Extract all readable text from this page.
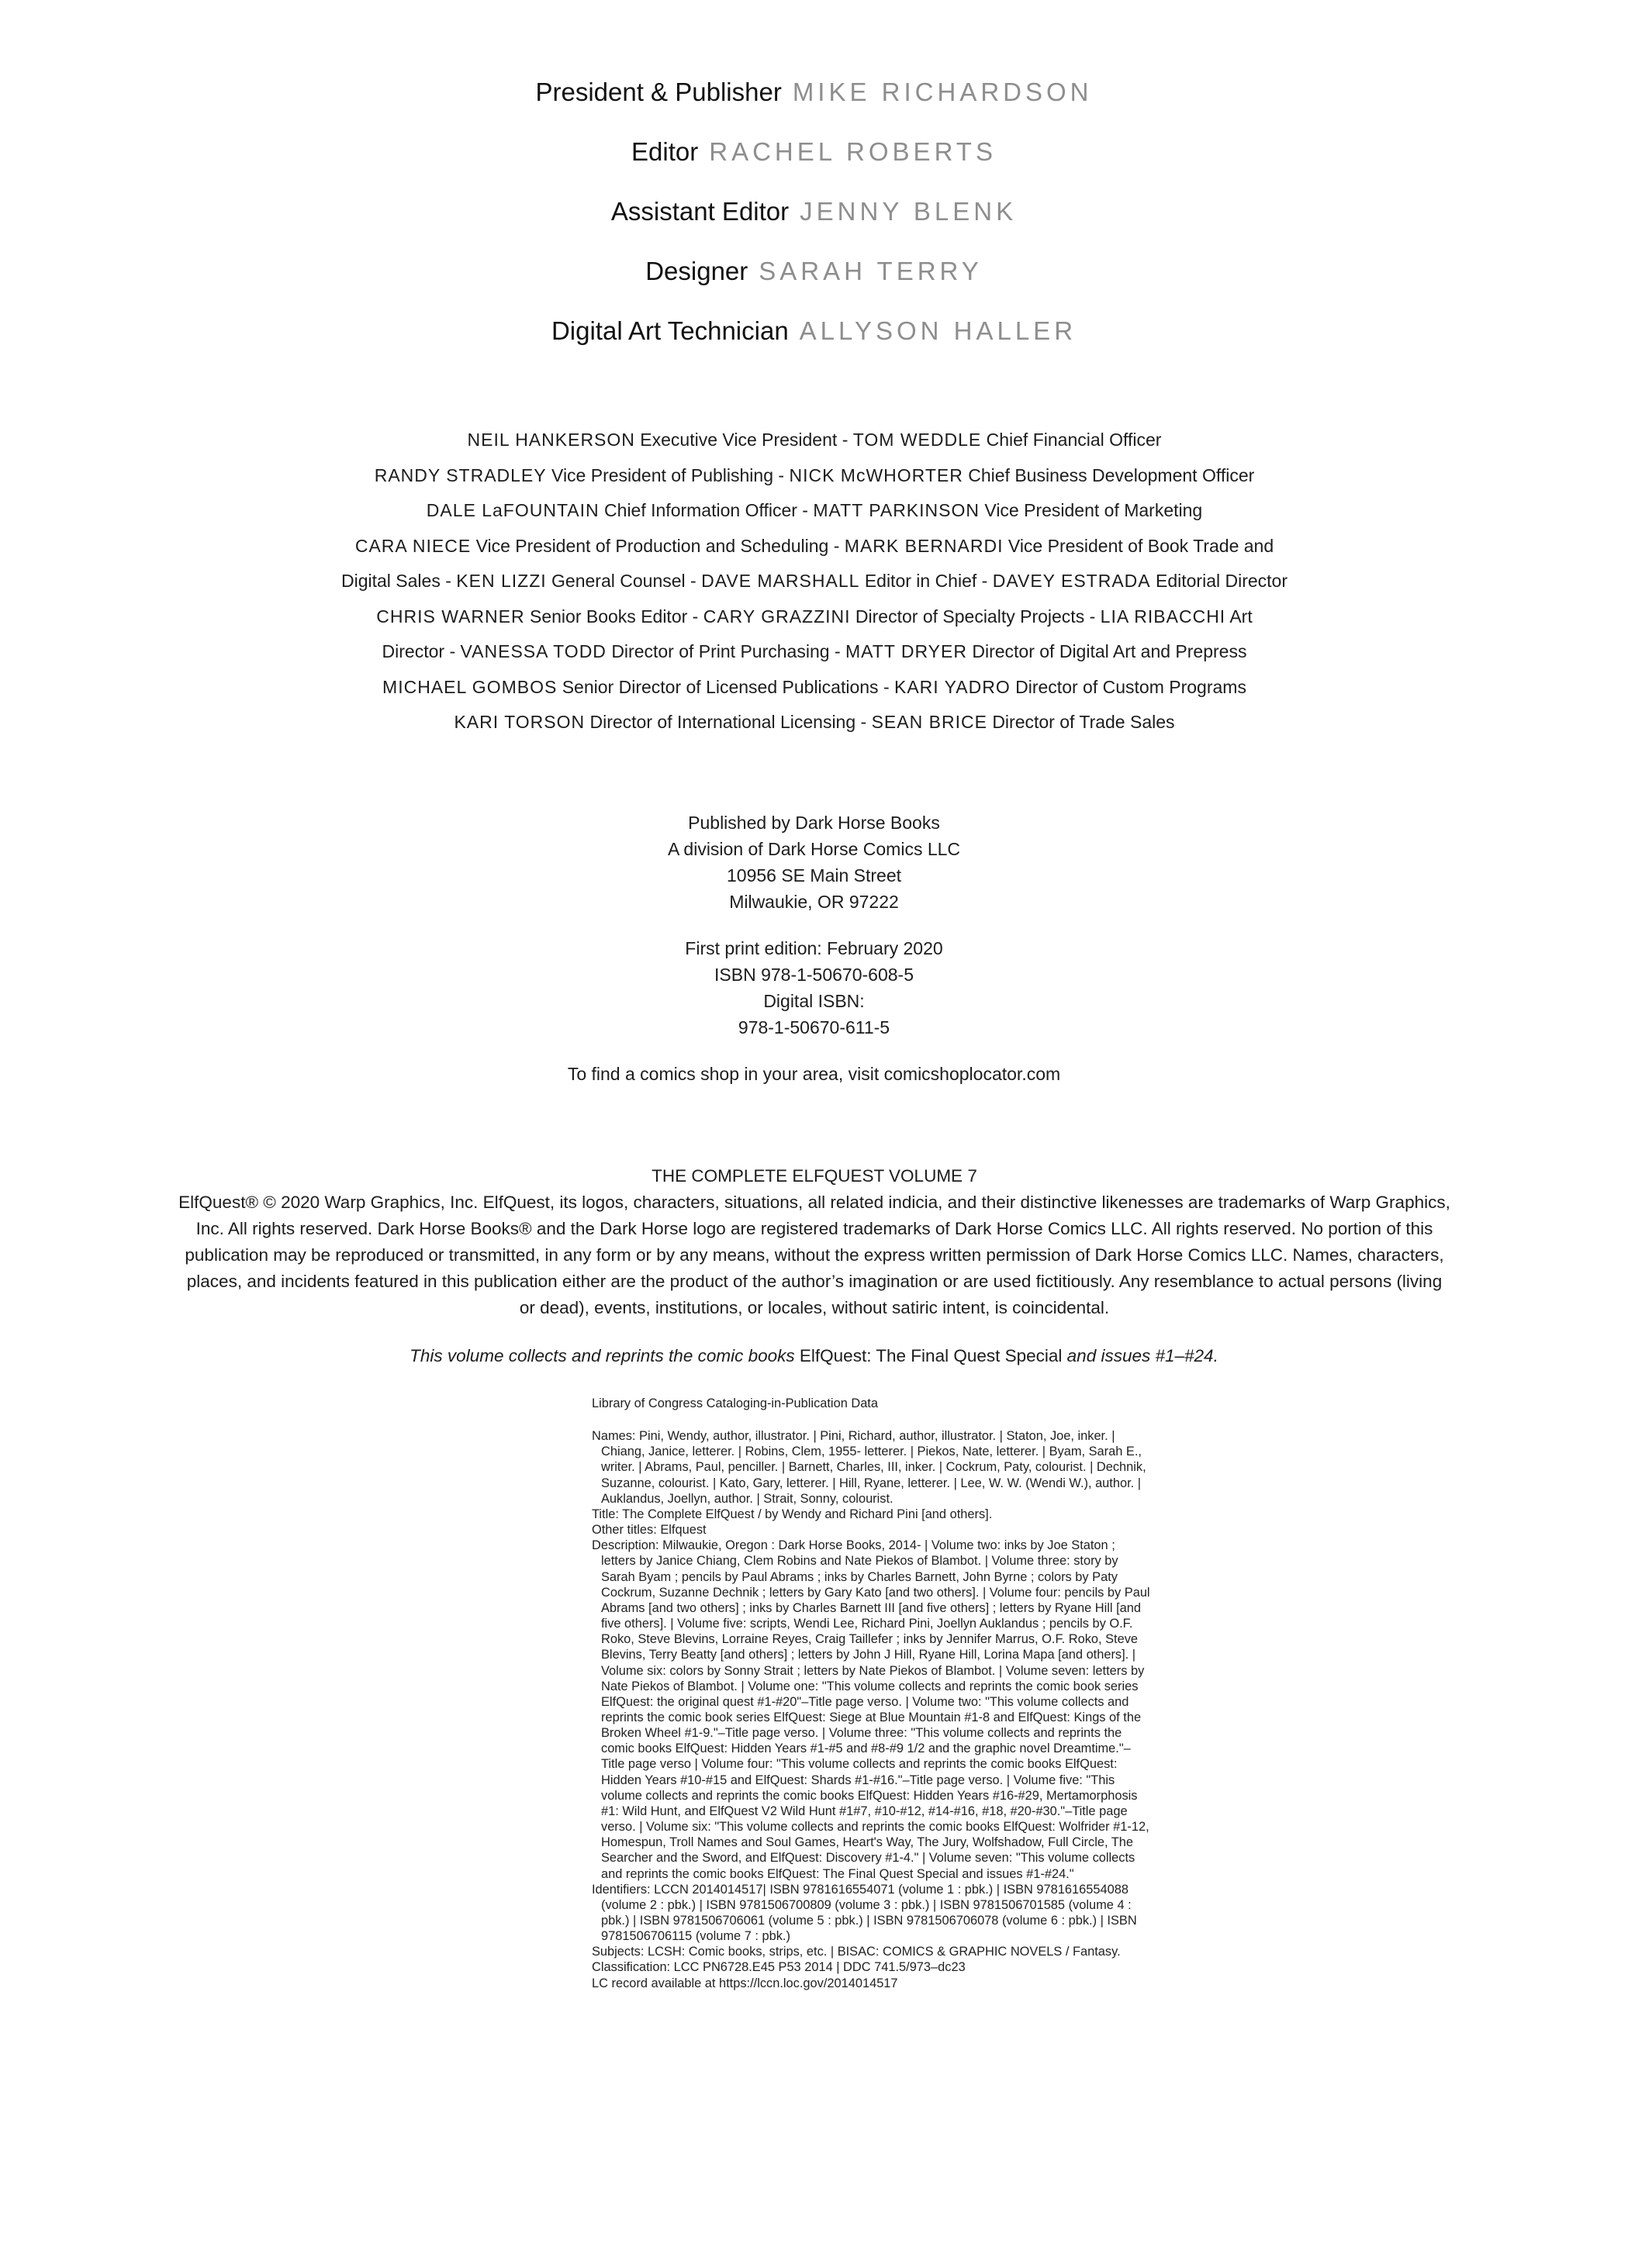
President & Publisher MIKE RICHARDSON
Editor RACHEL ROBERTS
Assistant Editor JENNY BLENK
Designer SARAH TERRY
Digital Art Technician ALLYSON HALLER
NEIL HANKERSON Executive Vice President - TOM WEDDLE Chief Financial Officer
RANDY STRADLEY Vice President of Publishing - NICK McWHORTER Chief Business Development Officer
DALE LaFOUNTAIN Chief Information Officer - MATT PARKINSON Vice President of Marketing
CARA NIECE Vice President of Production and Scheduling - MARK BERNARDI Vice President of Book Trade and
Digital Sales - KEN LIZZI General Counsel - DAVE MARSHALL Editor in Chief - DAVEY ESTRADA Editorial Director
CHRIS WARNER Senior Books Editor - CARY GRAZZINI Director of Specialty Projects - LIA RIBACCHI Art
Director - VANESSA TODD Director of Print Purchasing - MATT DRYER Director of Digital Art and Prepress
MICHAEL GOMBOS Senior Director of Licensed Publications - KARI YADRO Director of Custom Programs
KARI TORSON Director of International Licensing - SEAN BRICE Director of Trade Sales
Published by Dark Horse Books
A division of Dark Horse Comics LLC
10956 SE Main Street
Milwaukie, OR 97222
First print edition: February 2020
ISBN 978-1-50670-608-5
Digital ISBN:
978-1-50670-611-5
To find a comics shop in your area, visit comicshoplocator.com
THE COMPLETE ELFQUEST VOLUME 7
ElfQuest® © 2020 Warp Graphics, Inc. ElfQuest, its logos, characters, situations, all related indicia, and their distinctive likenesses are trademarks of Warp Graphics, Inc. All rights reserved. Dark Horse Books® and the Dark Horse logo are registered trademarks of Dark Horse Comics LLC. All rights reserved. No portion of this publication may be reproduced or transmitted, in any form or by any means, without the express written permission of Dark Horse Comics LLC. Names, characters, places, and incidents featured in this publication either are the product of the author’s imagination or are used fictitiously. Any resemblance to actual persons (living or dead), events, institutions, or locales, without satiric intent, is coincidental.
This volume collects and reprints the comic books ElfQuest: The Final Quest Special and issues #1–#24.
Library of Congress Cataloging-in-Publication Data
Names: Pini, Wendy, author, illustrator. | Pini, Richard, author, illustrator. | Staton, Joe, inker. | Chiang, Janice, letterer. | Robins, Clem, 1955- letterer. | Piekos, Nate, letterer. | Byam, Sarah E., writer. | Abrams, Paul, penciller. | Barnett, Charles, III, inker. | Cockrum, Paty, colourist. | Dechnik, Suzanne, colourist. | Kato, Gary, letterer. | Hill, Ryane, letterer. | Lee, W. W. (Wendi W.), author. | Auklandus, Joellyn, author. | Strait, Sonny, colourist.
Title: The Complete ElfQuest / by Wendy and Richard Pini [and others].
Other titles: Elfquest
Description: Milwaukie, Oregon : Dark Horse Books, 2014- | Volume two: inks by Joe Staton ; letters by Janice Chiang, Clem Robins and Nate Piekos of Blambot. | Volume three: story by Sarah Byam ; pencils by Paul Abrams ; inks by Charles Barnett, John Byrne ; colors by Paty Cockrum, Suzanne Dechnik ; letters by Gary Kato [and two others]. | Volume four: pencils by Paul Abrams [and two others] ; inks by Charles Barnett III [and five others] ; letters by Ryane Hill [and five others]. | Volume five: scripts, Wendi Lee, Richard Pini, Joellyn Auklandus ; pencils by O.F. Roko, Steve Blevins, Lorraine Reyes, Craig Taillefer ; inks by Jennifer Marrus, O.F. Roko, Steve Blevins, Terry Beatty [and others] ; letters by John J Hill, Ryane Hill, Lorina Mapa [and others]. | Volume six: colors by Sonny Strait ; letters by Nate Piekos of Blambot. | Volume seven: letters by Nate Piekos of Blambot. | Volume one: "This volume collects and reprints the comic book series ElfQuest: the original quest #1-#20"–Title page verso. | Volume two: "This volume collects and reprints the comic book series ElfQuest: Siege at Blue Mountain #1-8 and ElfQuest: Kings of the Broken Wheel #1-9."–Title page verso. | Volume three: "This volume collects and reprints the comic books ElfQuest: Hidden Years #1-#5 and #8-#9 1/2 and the graphic novel Dreamtime."–Title page verso | Volume four: "This volume collects and reprints the comic books ElfQuest: Hidden Years #10-#15 and ElfQuest: Shards #1-#16."–Title page verso. | Volume five: "This volume collects and reprints the comic books ElfQuest: Hidden Years #16-#29, Mertamorphosis #1: Wild Hunt, and ElfQuest V2 Wild Hunt #1#7, #10-#12, #14-#16, #18, #20-#30."–Title page verso. | Volume six: "This volume collects and reprints the comic books ElfQuest: Wolfrider #1-12, Homespun, Troll Names and Soul Games, Heart's Way, The Jury, Wolfshadow, Full Circle, The Searcher and the Sword, and ElfQuest: Discovery #1-4." | Volume seven: "This volume collects and reprints the comic books ElfQuest: The Final Quest Special and issues #1-#24."
Identifiers: LCCN 2014014517| ISBN 9781616554071 (volume 1 : pbk.) | ISBN 9781616554088 (volume 2 : pbk.) | ISBN 9781506700809 (volume 3 : pbk.) | ISBN 9781506701585 (volume 4 : pbk.) | ISBN 9781506706061 (volume 5 : pbk.) | ISBN 9781506706078 (volume 6 : pbk.) | ISBN 9781506706115 (volume 7 : pbk.)
Subjects: LCSH: Comic books, strips, etc. | BISAC: COMICS & GRAPHIC NOVELS / Fantasy.
Classification: LCC PN6728.E45 P53 2014 | DDC 741.5/973–dc23
LC record available at https://lccn.loc.gov/2014014517
